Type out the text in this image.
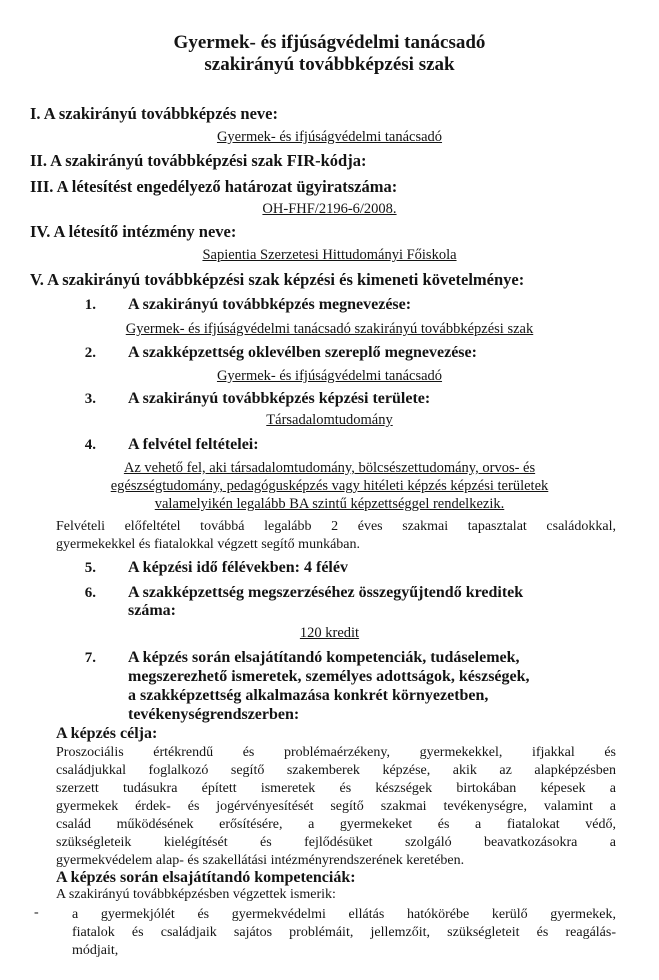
Gyermek- és ifjúságvédelmi tanácsadó
szakirányú továbbképzési szak
I. A szakirányú továbbképzés neve:
Gyermek- és ifjúságvédelmi tanácsadó
II. A szakirányú továbbképzési szak FIR-kódja:
III. A létesítést engedélyező határozat ügyiratszáma:
OH-FHF/2196-6/2008.
IV. A létesítő intézmény neve:
Sapientia Szerzetesi Hittudományi Főiskola
V. A szakirányú továbbképzési szak képzési és kimeneti követelménye:
1. A szakirányú továbbképzés megnevezése:
Gyermek- és ifjúságvédelmi tanácsadó szakirányú továbbképzési szak
2. A szakképzettség oklevélben szereplő megnevezése:
Gyermek- és ifjúságvédelmi tanácsadó
3. A szakirányú továbbképzés képzési területe:
Társadalomtudomány
4. A felvétel feltételei:
Az vehető fel, aki társadalomtudomány, bölcsészettudomány, orvos- és
egészségtudomány, pedagógusképzés vagy hitéleti képzés képzési területek
valamelyikén legalább BA szintű képzettséggel rendelkezik.
Felvételi előfeltétel továbbá legalább 2 éves szakmai tapasztalat családokkal,
gyermekekkel és fiatalokkal végzett segítő munkában.
5. A képzési idő félévekben: 4 félév
6. A szakképzettség megszerzéséhez összegyűjtendő kreditek
száma:
120 kredit
7. A képzés során elsajátítandó kompetenciák, tudáselemek,
megszerezhető ismeretek, személyes adottságok, készségek,
a szakképzettség alkalmazása konkrét környezetben,
tevékenységrendszerben:
A képzés célja:
Proszociális értékrendű és problémaérzékeny, gyermekekkel, ifjakkal és
családjukkal foglalkozó segítő szakemberek képzése, akik az alapképzésben
szerzett tudásukra épített ismeretek és készségek birtokában képesek a
gyermekek érdek- és jogérvényesítését segítő szakmai tevékenységre, valamint a
család működésének erősítésére, a gyermekeket és a fiatalokat védő,
szükségleteik kielégítését és fejlődésüket szolgáló beavatkozásokra a
gyermekvédelem alap- és szakellátási intézményrendszerének keretében.
A képzés során elsajátítandó kompetenciák:
A szakirányú továbbképzésben végzettek ismerik:
- a gyermekjólét és gyermekvédelmi ellátás hatókörébe kerülő gyermekek,
fiatalok és családjaik sajátos problémáit, jellemzőit, szükségleteit és reagálás-
módjait,
